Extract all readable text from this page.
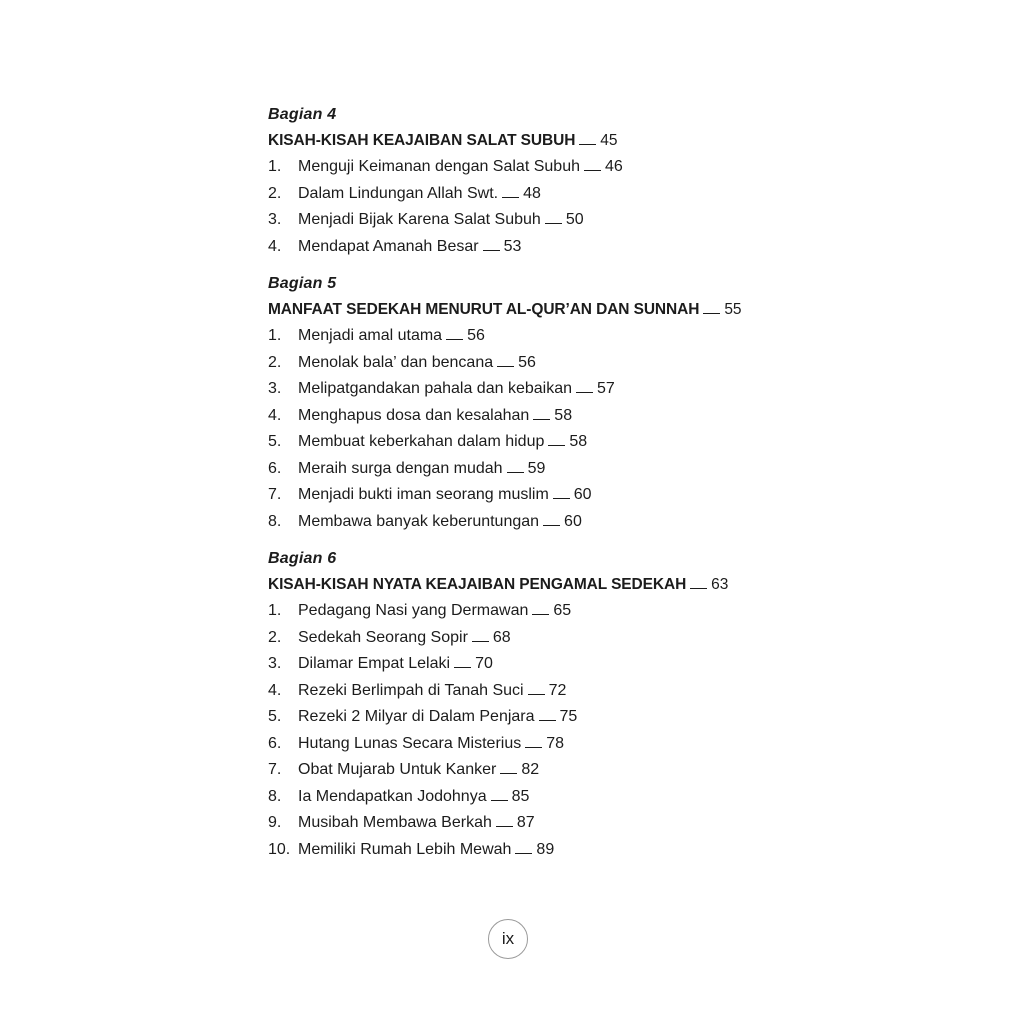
Bagian 4
KISAH-KISAH KEAJAIBAN SALAT SUBUH 45
1. Menguji Keimanan dengan Salat Subuh 46
2. Dalam Lindungan Allah Swt. 48
3. Menjadi Bijak Karena Salat Subuh 50
4. Mendapat Amanah Besar 53
Bagian 5
MANFAAT SEDEKAH MENURUT AL-QUR’AN DAN SUNNAH 55
1. Menjadi amal utama 56
2. Menolak bala’ dan bencana 56
3. Melipatgandakan pahala dan kebaikan 57
4. Menghapus dosa dan kesalahan 58
5. Membuat keberkahan dalam hidup 58
6. Meraih surga dengan mudah 59
7. Menjadi bukti iman seorang muslim 60
8. Membawa banyak keberuntungan 60
Bagian 6
KISAH-KISAH NYATA KEAJAIBAN PENGAMAL SEDEKAH 63
1. Pedagang Nasi yang Dermawan 65
2. Sedekah Seorang Sopir 68
3. Dilamar Empat Lelaki 70
4. Rezeki Berlimpah di Tanah Suci 72
5. Rezeki 2 Milyar di Dalam Penjara 75
6. Hutang Lunas Secara Misterius 78
7. Obat Mujarab Untuk Kanker 82
8. Ia Mendapatkan Jodohnya 85
9. Musibah Membawa Berkah 87
10. Memiliki Rumah Lebih Mewah 89
ix
